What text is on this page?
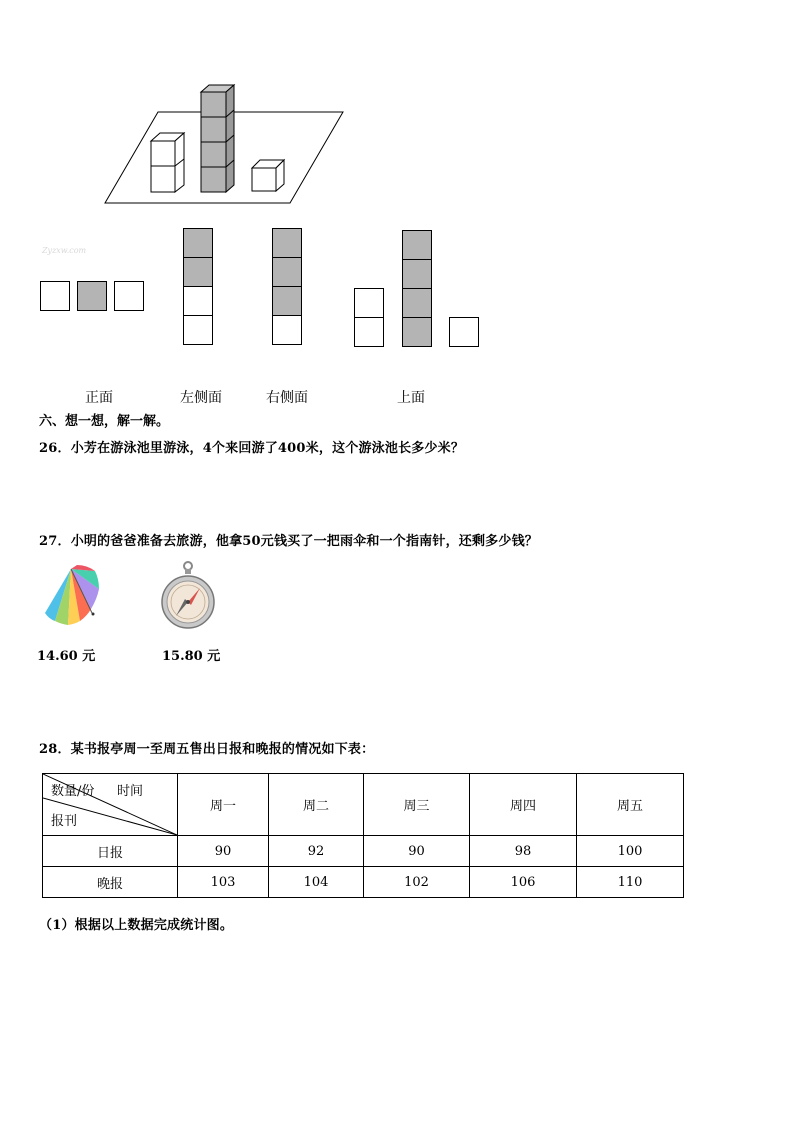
Zyzxw.com
正面	左侧面	右侧面	上面
六、想一想，解一解。
26．小芳在游泳池里游泳，4个来回游了400米，这个游泳池长多少米？
27．小明的爸爸准备去旅游，他拿50元钱买了一把雨伞和一个指南针，还剩多少钱？
14.60 元	15.80 元
28．某书报亭周一至周五售出日报和晚报的情况如下表：
数量/份 时间
报刊	周一	周二	周三	周四	周五
日报	90	92	90	98	100
晚报	103	104	102	106	110
（1）根据以上数据完成统计图。
